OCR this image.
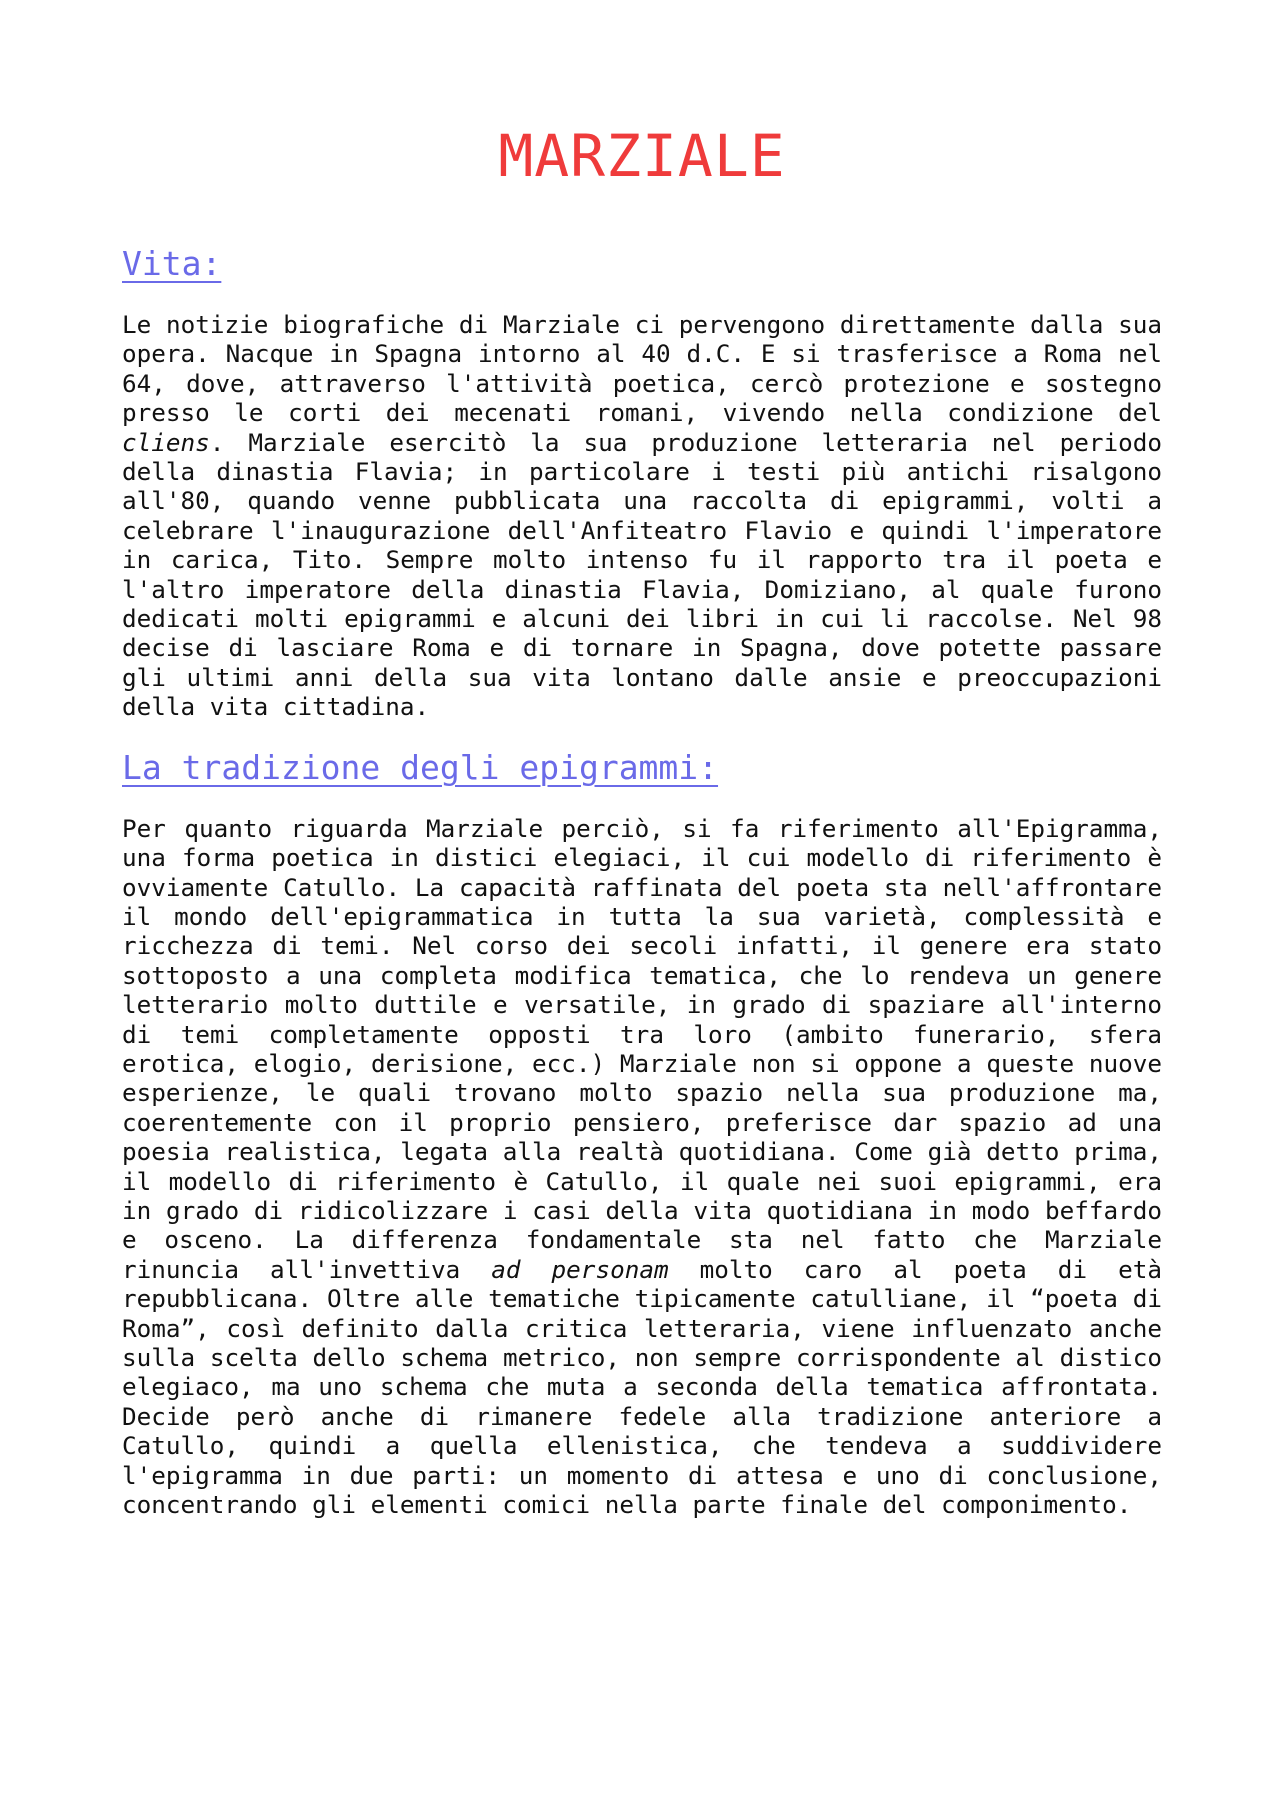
MARZIALE
Vita:

Le notizie biografiche di Marziale ci pervengono direttamente dalla sua opera. Nacque in Spagna intorno al 40 d.C. E si trasferisce a Roma nel 64, dove, attraverso l'attività poetica, cercò protezione e sostegno presso le corti dei mecenati romani, vivendo nella condizione del cliens. Marziale esercitò la sua produzione letteraria nel periodo della dinastia Flavia; in particolare i testi più antichi risalgono all'80, quando venne pubblicata una raccolta di epigrammi, volti a celebrare l'inaugurazione dell'Anfiteatro Flavio e quindi l'imperatore in carica, Tito. Sempre molto intenso fu il rapporto tra il poeta e l'altro imperatore della dinastia Flavia, Domiziano, al quale furono dedicati molti epigrammi e alcuni dei libri in cui li raccolse. Nel 98 decise di lasciare Roma e di tornare in Spagna, dove potette passare gli ultimi anni della sua vita lontano dalle ansie e preoccupazioni della vita cittadina.

La tradizione degli epigrammi:

Per quanto riguarda Marziale perciò, si fa riferimento all'Epigramma, una forma poetica in distici elegiaci, il cui modello di riferimento è ovviamente Catullo. La capacità raffinata del poeta sta nell'affrontare il mondo dell'epigrammatica in tutta la sua varietà, complessità e ricchezza di temi. Nel corso dei secoli infatti, il genere era stato sottoposto a una completa modifica tematica, che lo rendeva un genere letterario molto duttile e versatile, in grado di spaziare all'interno di temi completamente opposti tra loro (ambito funerario, sfera erotica, elogio, derisione, ecc.) Marziale non si oppone a queste nuove esperienze, le quali trovano molto spazio nella sua produzione ma, coerentemente con il proprio pensiero, preferisce dar spazio ad una poesia realistica, legata alla realtà quotidiana. Come già detto prima, il modello di riferimento è Catullo, il quale nei suoi epigrammi, era in grado di ridicolizzare i casi della vita quotidiana in modo beffardo e osceno. La differenza fondamentale sta nel fatto che Marziale rinuncia all'invettiva ad personam molto caro al poeta di età repubblicana. Oltre alle tematiche tipicamente catulliane, il “poeta di Roma”, così definito dalla critica letteraria, viene influenzato anche sulla scelta dello schema metrico, non sempre corrispondente al distico elegiaco, ma uno schema che muta a seconda della tematica affrontata. Decide però anche di rimanere fedele alla tradizione anteriore a Catullo, quindi a quella ellenistica, che tendeva a suddividere l'epigramma in due parti: un momento di attesa e uno di conclusione, concentrando gli elementi comici nella parte finale del componimento.
